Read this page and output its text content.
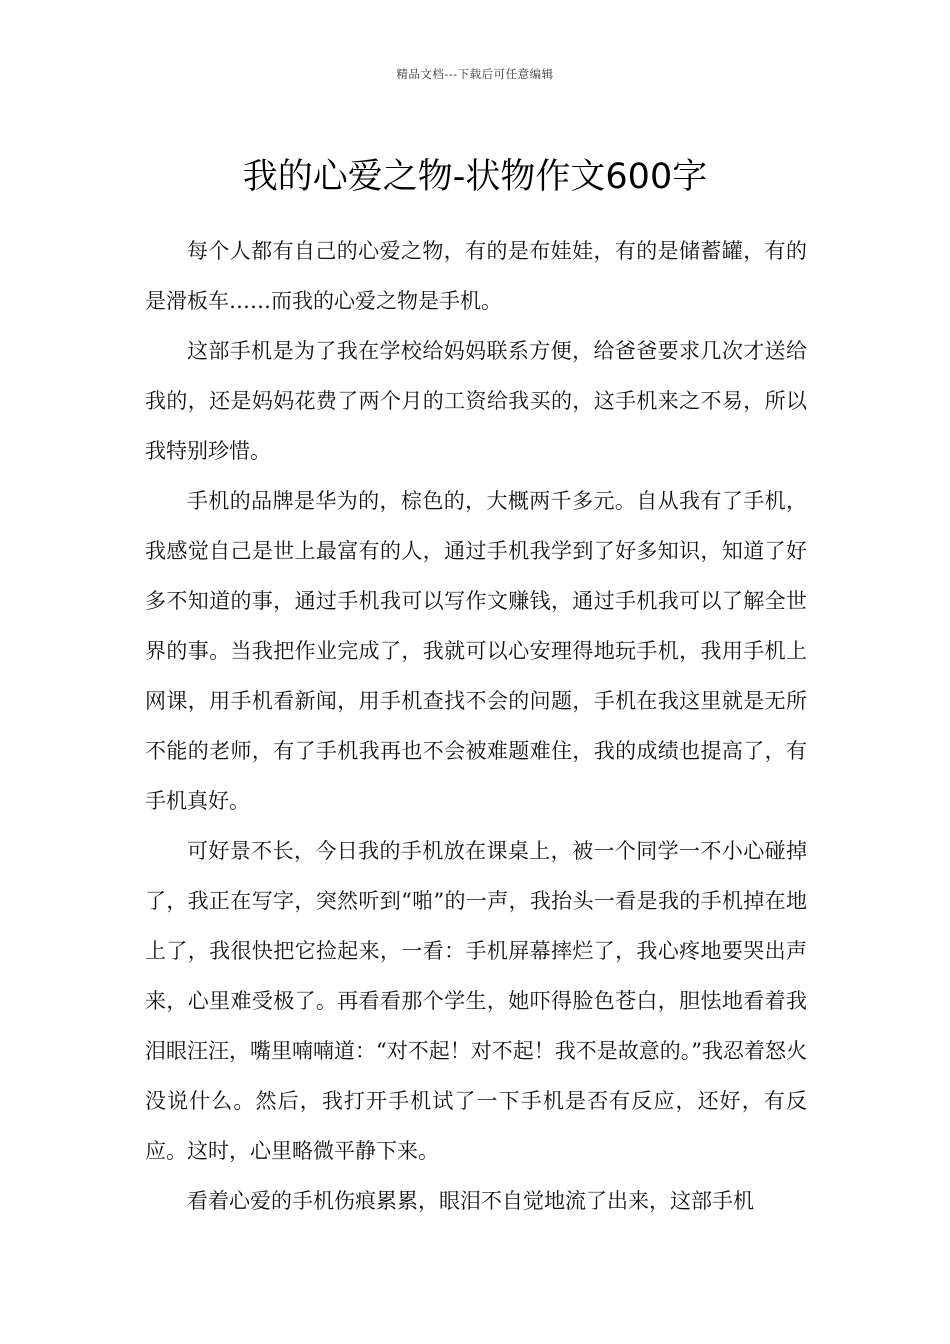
精品文档---下载后可任意编辑
我的心爱之物-状物作文600字

每个人都有自己的心爱之物，有的是布娃娃，有的是储蓄罐，有的是滑板车……而我的心爱之物是手机。

这部手机是为了我在学校给妈妈联系方便，给爸爸要求几次才送给我的，还是妈妈花费了两个月的工资给我买的，这手机来之不易，所以我特别珍惜。

手机的品牌是华为的，棕色的，大概两千多元。自从我有了手机，我感觉自己是世上最富有的人，通过手机我学到了好多知识，知道了好多不知道的事，通过手机我可以写作文赚钱，通过手机我可以了解全世界的事。当我把作业完成了，我就可以心安理得地玩手机，我用手机上网课，用手机看新闻，用手机查找不会的问题，手机在我这里就是无所不能的老师，有了手机我再也不会被难题难住，我的成绩也提高了，有手机真好。

可好景不长，今日我的手机放在课桌上，被一个同学一不小心碰掉了，我正在写字，突然听到“啪”的一声，我抬头一看是我的手机掉在地上了，我很快把它捡起来，一看：手机屏幕摔烂了，我心疼地要哭出声来，心里难受极了。再看看那个学生，她吓得脸色苍白，胆怯地看着我泪眼汪汪，嘴里喃喃道：“对不起！对不起！我不是故意的。”我忍着怒火没说什么。然后，我打开手机试了一下手机是否有反应，还好，有反应。这时，心里略微平静下来。

看着心爱的手机伤痕累累，眼泪不自觉地流了出来，这部手机
